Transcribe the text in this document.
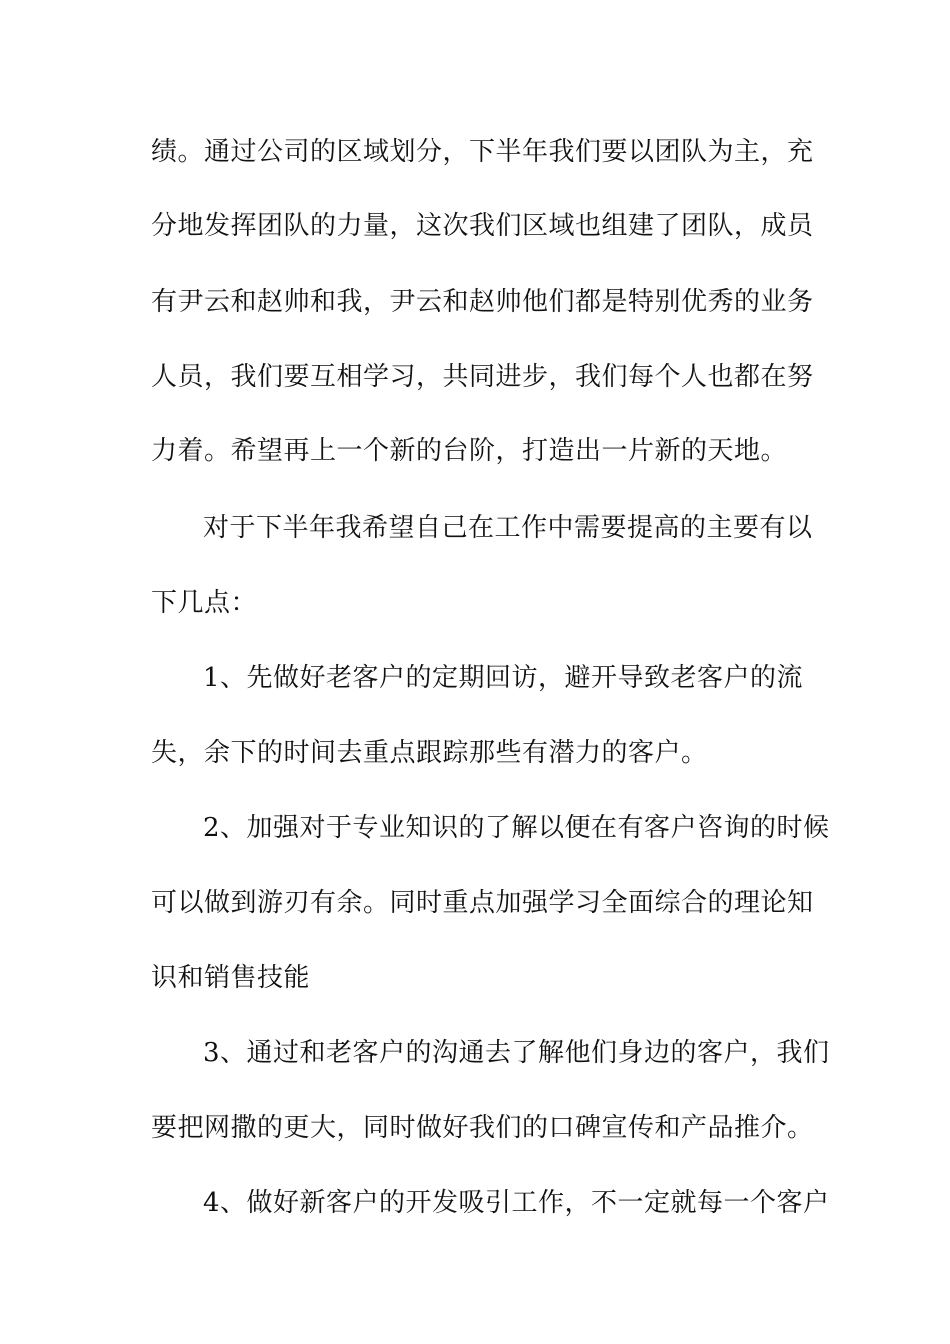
绩。通过公司的区域划分，下半年我们要以团队为主，充
分地发挥团队的力量，这次我们区域也组建了团队，成员
有尹云和赵帅和我，尹云和赵帅他们都是特别优秀的业务
人员，我们要互相学习，共同进步，我们每个人也都在努
力着。希望再上一个新的台阶，打造出一片新的天地。
对于下半年我希望自己在工作中需要提高的主要有以
下几点：
1、先做好老客户的定期回访，避开导致老客户的流
失，余下的时间去重点跟踪那些有潜力的客户。
2、加强对于专业知识的了解以便在有客户咨询的时候
可以做到游刃有余。同时重点加强学习全面综合的理论知
识和销售技能
3、通过和老客户的沟通去了解他们身边的客户，我们
要把网撒的更大，同时做好我们的口碑宣传和产品推介。
4、做好新客户的开发吸引工作，不一定就每一个客户
